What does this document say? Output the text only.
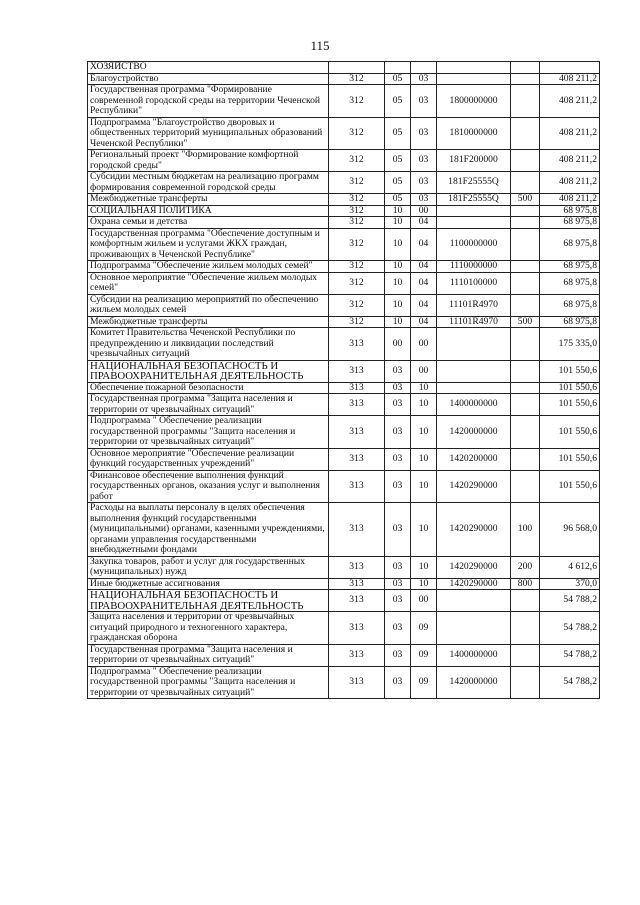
115
ХОЗЯЙСТВО						
Благоустройство	312	05	03			408 211,2
Государственная программа "Формирование современной городской среды на территории Чеченской Республики"	312	05	03	1800000000		408 211,2
Подпрограмма "Благоустройство дворовых и общественных территорий муниципальных образований Чеченской Республики"	312	05	03	1810000000		408 211,2
Региональный проект "Формирование комфортной городской среды"	312	05	03	181F200000		408 211,2
Субсидии местным бюджетам на реализацию программ формирования современной городской среды	312	05	03	181F25555Q		408 211,2
Межбюджетные трансферты	312	05	03	181F25555Q	500	408 211,2
СОЦИАЛЬНАЯ ПОЛИТИКА	312	10	00			68 975,8
Охрана семьи и детства	312	10	04			68 975,8
Государственная программа "Обеспечение доступным и комфортным жильем и услугами ЖКХ граждан, проживающих в Чеченской Республике"	312	10	04	1100000000		68 975,8
Подпрограмма "Обеспечение жильем молодых семей"	312	10	04	1110000000		68 975,8
Основное мероприятие "Обеспечение жильем молодых семей"	312	10	04	1110100000		68 975,8
Субсидии на реализацию мероприятий по обеспечению жильем молодых семей	312	10	04	11101R4970		68 975,8
Межбюджетные трансферты	312	10	04	11101R4970	500	68 975,8
Комитет Правительства Чеченской Республики по предупреждению и ликвидации последствий чрезвычайных ситуаций	313	00	00			175 335,0
НАЦИОНАЛЬНАЯ БЕЗОПАСНОСТЬ И ПРАВООХРАНИТЕЛЬНАЯ ДЕЯТЕЛЬНОСТЬ	313	03	00			101 550,6
Обеспечение пожарной безопасности	313	03	10			101 550,6
Государственная программа "Защита населения и территории от чрезвычайных ситуаций"	313	03	10	1400000000		101 550,6
Подпрограмма " Обеспечение реализации государственной программы "Защита населения и территории от чрезвычайных ситуаций"	313	03	10	1420000000		101 550,6
Основное мероприятие "Обеспечение реализации функций государственных учреждений"	313	03	10	1420200000		101 550,6
Финансовое обеспечение выполнения функций государственных органов, оказания услуг и выполнения работ	313	03	10	1420290000		101 550,6
Расходы на выплаты персоналу в целях обеспечения выполнения функций государственными (муниципальными) органами, казенными учреждениями, органами управления государственными внебюджетными фондами	313	03	10	1420290000	100	96 568,0
Закупка товаров, работ и услуг для государственных (муниципальных) нужд	313	03	10	1420290000	200	4 612,6
Иные бюджетные ассигнования	313	03	10	1420290000	800	370,0
НАЦИОНАЛЬНАЯ БЕЗОПАСНОСТЬ И ПРАВООХРАНИТЕЛЬНАЯ ДЕЯТЕЛЬНОСТЬ	313	03	00			54 788,2
Защита населения и территории от чрезвычайных ситуаций природного и техногенного характера, гражданская оборона	313	03	09			54 788,2
Государственная программа "Защита населения и территории от чрезвычайных ситуаций"	313	03	09	1400000000		54 788,2
Подпрограмма " Обеспечение реализации государственной программы "Защита населения и территории от чрезвычайных ситуаций"	313	03	09	1420000000		54 788,2
